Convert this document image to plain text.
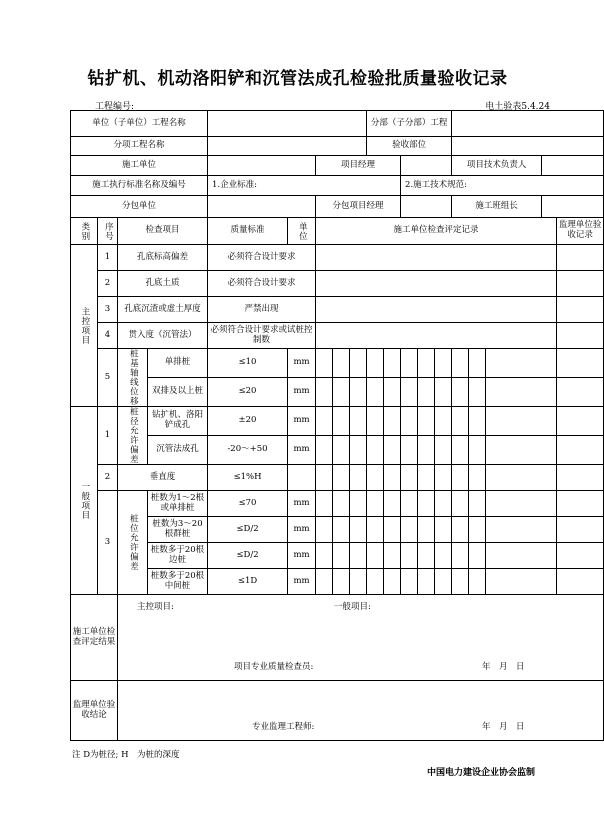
钻扩机、机动洛阳铲和沉管法成孔检验批质量验收记录
工程编号:	电土验表5.4.24
单位（子单位）工程名称									分部（子分部）工程									
分项工程名称									验收部位									
施工单位						项目经理								项目技术负责人				
施工执行标准名称及编号				1.企业标准:							2.施工技术规范:							
分包单位						分包项目经理								施工班组长				

类别	序号	检查项目		质量标准	单位	施工单位检查评定记录												监理单位验收记录

主控项目	1	孔底标高偏差		必须符合设计要求														
	2	孔底土质		必须符合设计要求														
	3	孔底沉渣或虚土厚度		严禁出现														
	4	贯入度（沉管法）		必须符合设计要求或试桩控制数														
	5	桩基轴线位移	单排桩	≤10	mm													
			双排及以上桩	≤20	mm													

一般项目	1	桩径允许偏差	钻扩机、洛阳铲成孔	±20	mm													
			沉管法成孔	-20～+50	mm													
	2	垂直度		≤1%H														
	3	桩位允许偏差	桩数为1～2根或单排桩	≤70	mm													
			桩数为3～20根群桩	≤D/2	mm													
			桩数多于20根边桩	≤D/2	mm													
			桩数多于20根中间桩	≤1D	mm													
施工单位检查评定结果		主控项目: 一般项目:
项目专业质量检查员: 年　月　日																

监理单位验收结论		专业监理工程师: 年　月　日																
注 D为桩径; H　为桩的深度
中国电力建设企业协会监制
